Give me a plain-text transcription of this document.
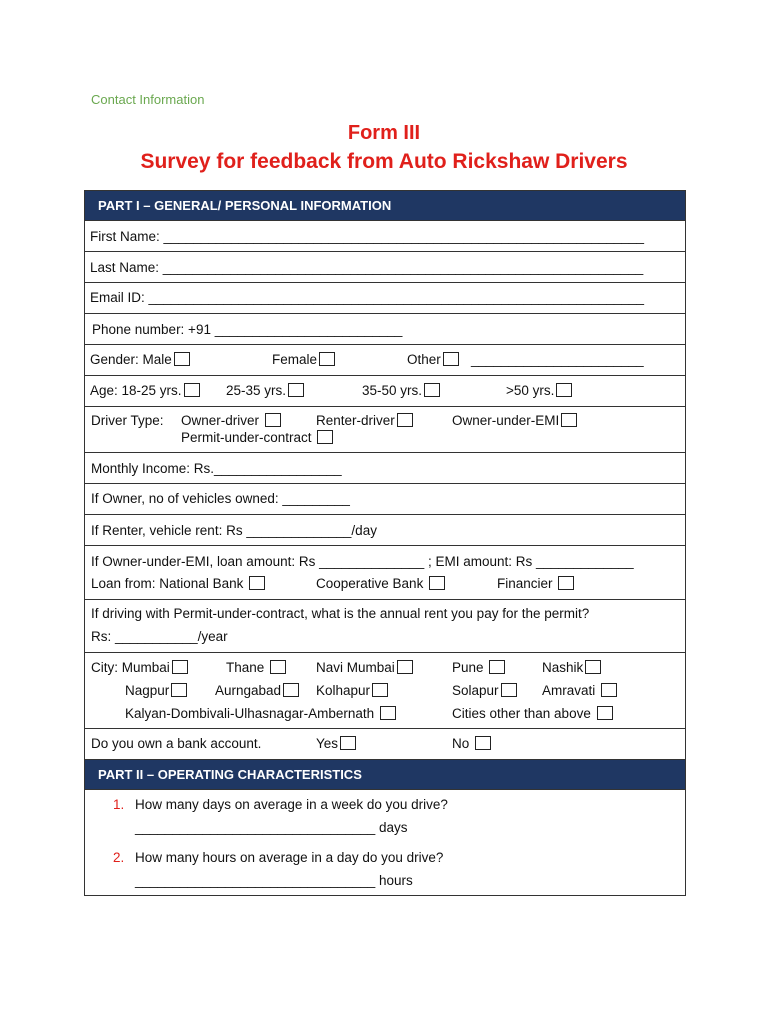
Contact Information
Form III
Survey for feedback from Auto Rickshaw Drivers
PART I – GENERAL/ PERSONAL INFORMATION
First Name: ________________________________________________________________
Last Name: ________________________________________________________________
Email ID: __________________________________________________________________
Phone number: +91 _________________________
Gender: Male	Female	Other	_______________________
Age: 18-25 yrs.	25-35 yrs.	35-50 yrs.	>50 yrs.
Driver Type: Owner-driver	Renter-driver	Owner-under-EMI
Permit-under-contract
Monthly Income: Rs._________________
If Owner, no of vehicles owned: _________
If Renter, vehicle rent: Rs ______________/day
If Owner-under-EMI, loan amount: Rs ______________ ; EMI amount: Rs _____________
Loan from: National Bank	Cooperative Bank	Financier
If driving with Permit-under-contract, what is the annual rent you pay for the permit?
Rs: ___________/year
City: Mumbai	Thane	Navi Mumbai	Pune	Nashik
Nagpur	Aurngabad	Kolhapur	Solapur	Amravati
Kalyan-Dombivali-Ulhasnagar-Ambernath	Cities other than above
Do you own a bank account.	Yes	No
PART II – OPERATING CHARACTERISTICS
1. How many days on average in a week do you drive?
________________________________ days
2. How many hours on average in a day do you drive?
________________________________ hours
